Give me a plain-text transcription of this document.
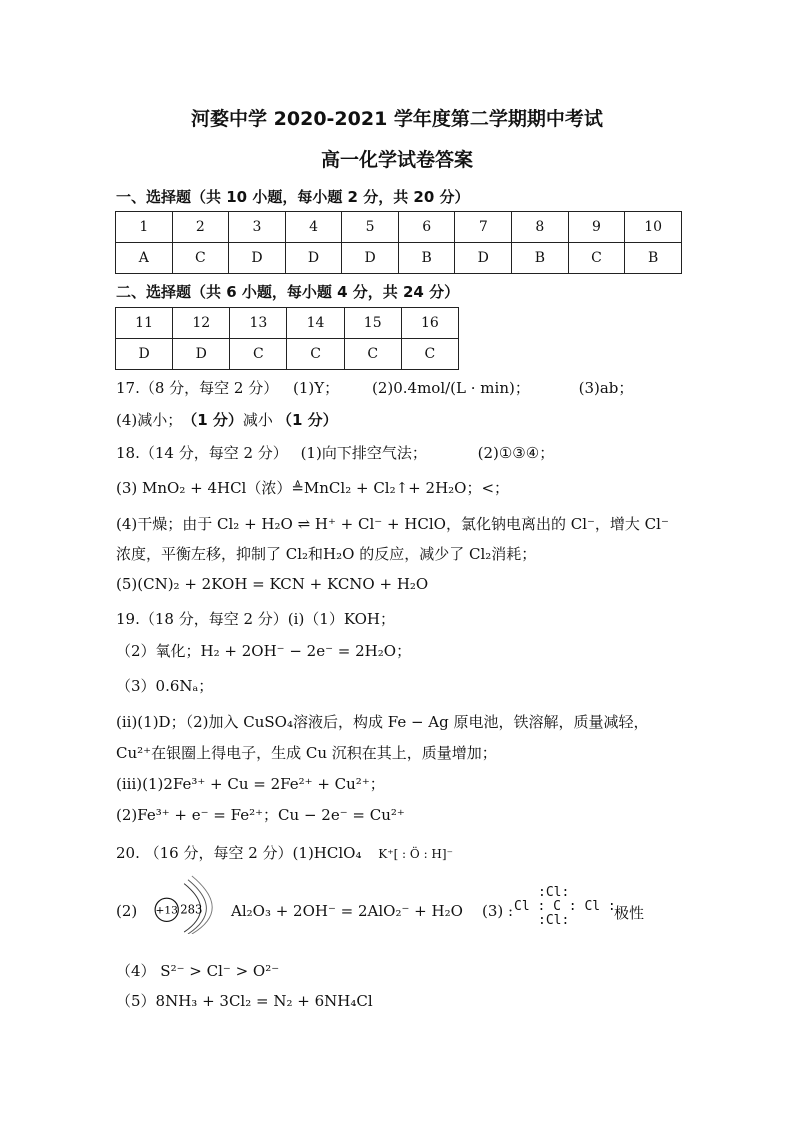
河婺中学 2020-2021 学年度第二学期期中考试
高一化学试卷答案
一、选择题（共 10 小题，每小题 2 分，共 20 分）
1	2	3	4	5	6	7	8	9	10
A	C	D	D	D	B	D	B	C	B
二、选择题（共 6 小题，每小题 4 分，共 24 分）
11	12	13	14	15	16
D	D	C	C	C	C
17.（8 分，每空 2 分） (1)Y； (2)0.4mol/(L · min)；	(3)ab；
(4)减小；（1 分）减小 （1 分）
18.（14 分，每空 2 分） (1)向下排空气法；	(2)①③④；
(3) MnO₂ + 4HCl（浓）≜MnCl₂ + Cl₂↑+ 2H₂O；<；
(4)干燥；由于 Cl₂ + H₂O ⇌ H⁺ + Cl⁻ + HClO，氯化钠电离出的 Cl⁻，增大 Cl⁻
浓度，平衡左移，抑制了 Cl₂和H₂O 的反应，减少了 Cl₂消耗；
(5)(CN)₂ + 2KOH = KCN + KCNO + H₂O
19.（18 分，每空 2 分）(i)（1）KOH；
（2）氧化；H₂ + 2OH⁻ − 2e⁻ = 2H₂O；
（3）0.6Nₐ；
(ii)(1)D；（2)加入 CuSO₄溶液后，构成 Fe − Ag 原电池，铁溶解，质量减轻，
Cu²⁺在银圈上得电子，生成 Cu 沉积在其上，质量增加；
(iii)(1)2Fe³⁺ + Cu = 2Fe²⁺ + Cu²⁺；
(2)Fe³⁺ + e⁻ = Fe²⁺；Cu − 2e⁻ = Cu²⁺
20. （16 分，每空 2 分）(1)HClO₄ K⁺[ : Ö : H]⁻
(2) +13 283 Al₂O₃ + 2OH⁻ = 2AlO₂⁻ + H₂O (3) :
:Cl:
Cl : C : Cl :
:Cl:	极性
（4） S²⁻ > Cl⁻ > O²⁻
（5）8NH₃ + 3Cl₂ = N₂ + 6NH₄Cl
